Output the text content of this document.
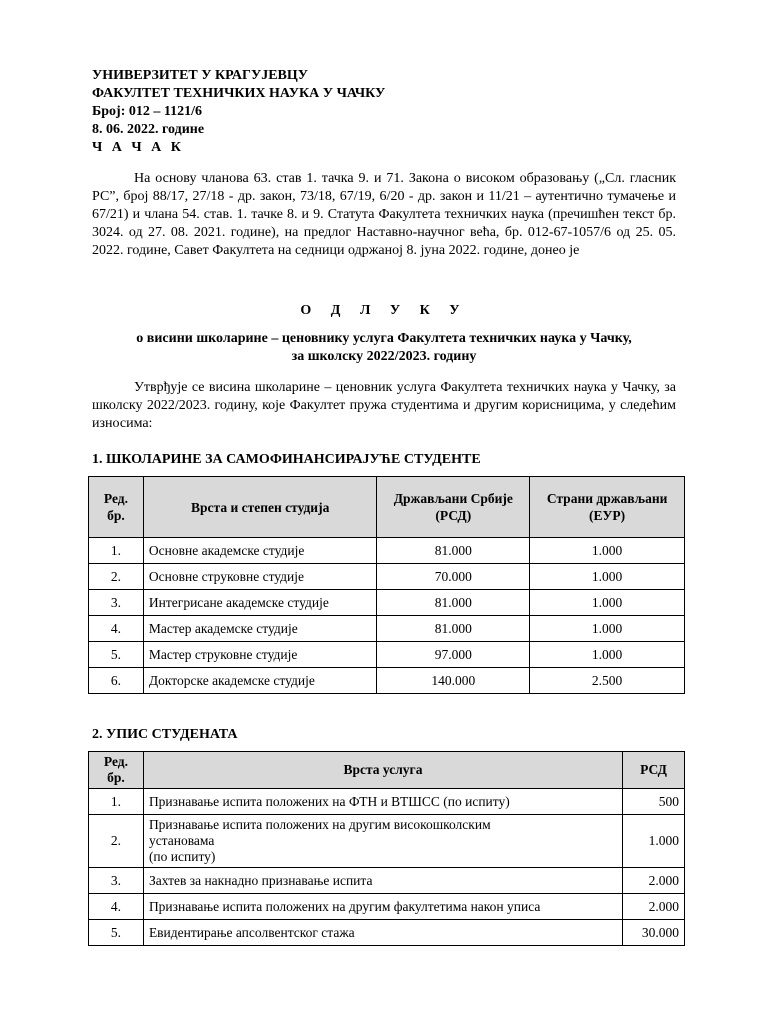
УНИВЕРЗИТЕТ У КРАГУЈЕВЦУ
ФАКУЛТЕТ ТЕХНИЧКИХ НАУКА У ЧАЧКУ
Број: 012 – 1121/6
8. 06. 2022. године
Ч А Ч А К
На основу чланова 63. став 1. тачка 9. и 71. Закона о високом образовању („Сл. гласник РС”, број 88/17, 27/18 - др. закон, 73/18, 67/19, 6/20 - др. закон и 11/21 – аутентично тумачење и 67/21) и члана 54. став. 1. тачке 8. и 9. Статута Факултета техничких наука (пречишћен текст бр. 3024. од 27. 08. 2021. године), на предлог Наставно-научног већа, бр. 012-67-1057/6 од 25. 05. 2022. године, Савет Факултета на седници одржаној 8. јуна 2022. године, донео је
О Д Л У К У
о висини школарине – ценовнику услуга Факултета техничких наука у Чачку,
за школску 2022/2023. годину
Утврђује се висина школарине – ценовник услуга Факултета техничких наука у Чачку, за школску 2022/2023. годину, које Факултет пружа студентима и другим корисницима, у следећим износима:
1. ШКОЛАРИНЕ ЗА САМОФИНАНСИРАЈУЋЕ СТУДЕНТЕ
Ред. бр.	Врста и степен студија	Држављани Србије (РСД)	Страни држављани (ЕУР)
1.	Основне академске студије	81.000	1.000
2.	Основне струковне студије	70.000	1.000
3.	Интегрисане академске студије	81.000	1.000
4.	Мастер академске студије	81.000	1.000
5.	Мастер струковне студије	97.000	1.000
6.	Докторске академске студије	140.000	2.500
2. УПИС СТУДЕНАТА
Ред. бр.	Врста услуга	РСД
1.	Признавање испита положених на ФТН и ВТШСС (по испиту)	500
2.	Признавање испита положених на другим високошколским
установама
(по испиту)	1.000
3.	Захтев за накнадно признавање испита	2.000
4.	Признавање испита положених на другим факултетима након уписа	2.000
5.	Евидентирање апсолвентског стажа	30.000
